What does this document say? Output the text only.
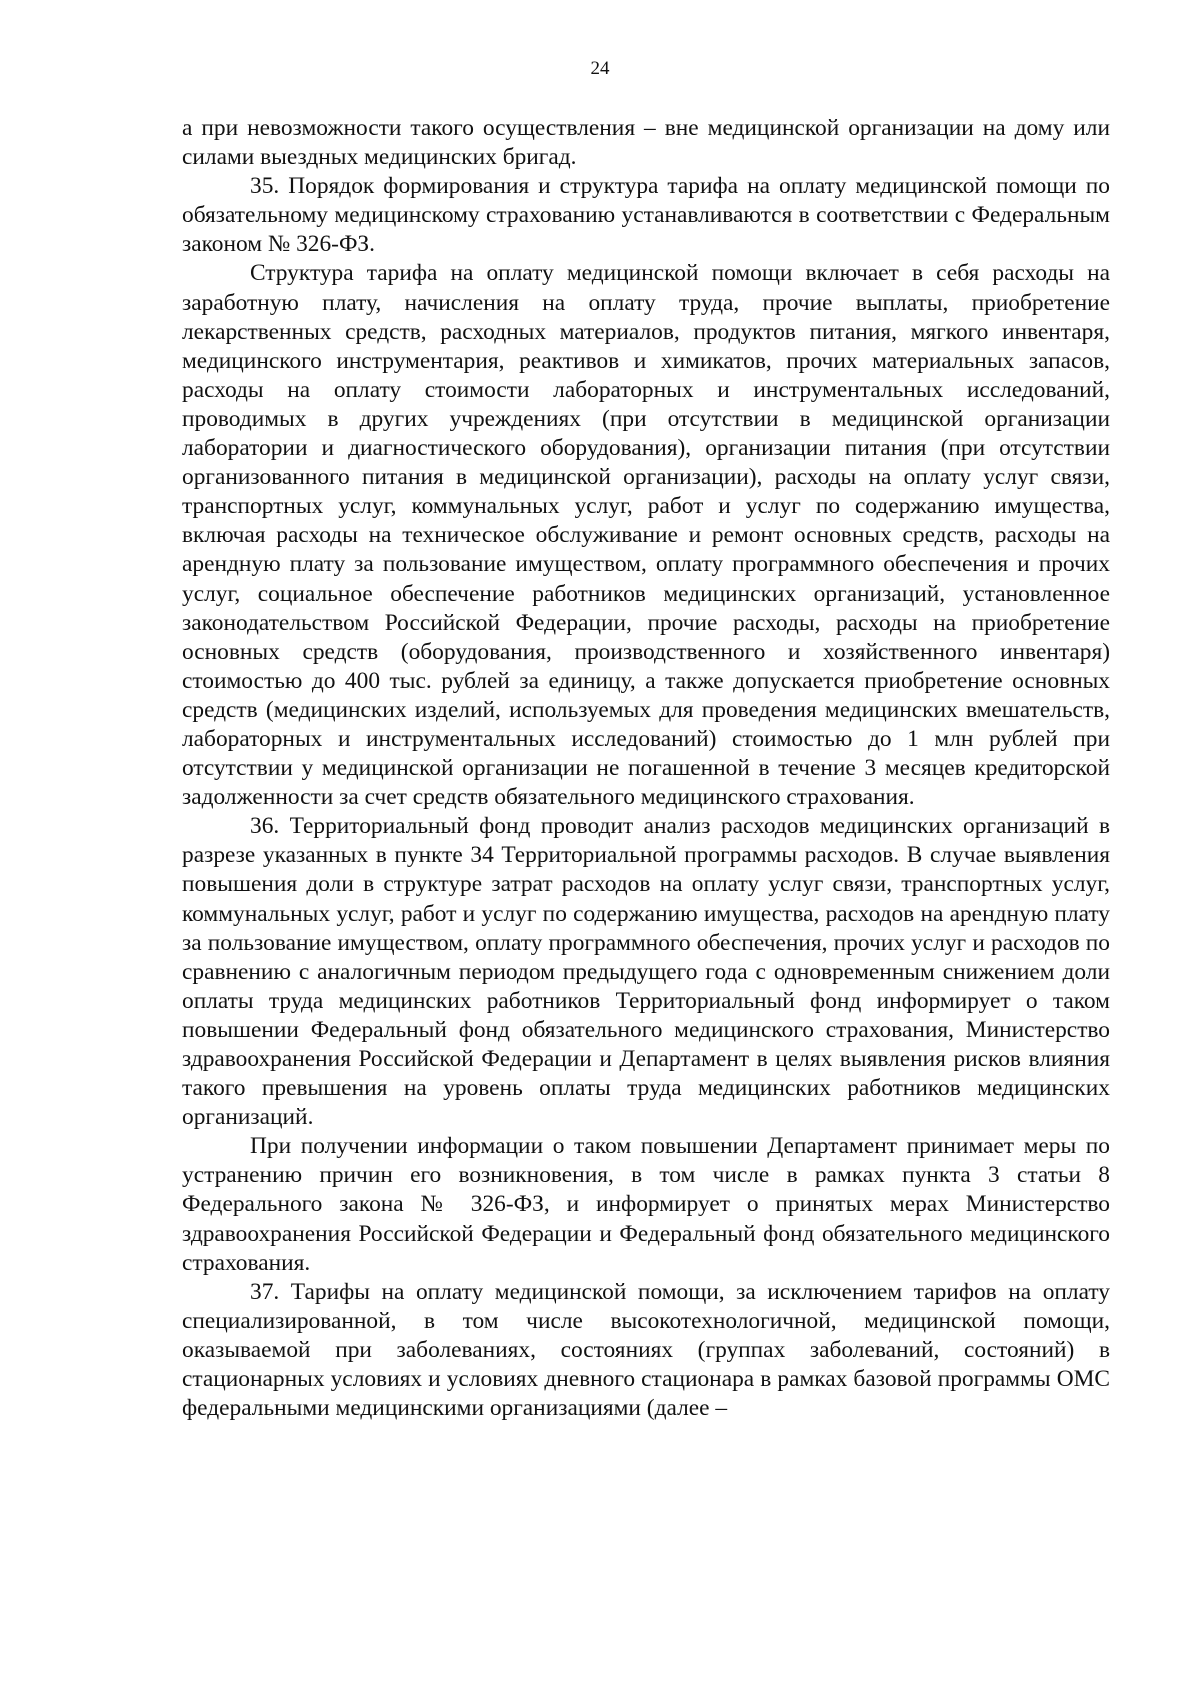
24

а при невозможности такого осуществления – вне медицинской организации на дому или силами выездных медицинских бригад.

35. Порядок формирования и структура тарифа на оплату медицинской помощи по обязательному медицинскому страхованию устанавливаются в соответствии с Федеральным законом № 326-ФЗ.

Структура тарифа на оплату медицинской помощи включает в себя расходы на заработную плату, начисления на оплату труда, прочие выплаты, приобретение лекарственных средств, расходных материалов, продуктов питания, мягкого инвентаря, медицинского инструментария, реактивов и химикатов, прочих материальных запасов, расходы на оплату стоимости лабораторных и инструментальных исследований, проводимых в других учреждениях (при отсутствии в медицинской организации лаборатории и диагностического оборудования), организации питания (при отсутствии организованного питания в медицинской организации), расходы на оплату услуг связи, транспортных услуг, коммунальных услуг, работ и услуг по содержанию имущества, включая расходы на техническое обслуживание и ремонт основных средств, расходы на арендную плату за пользование имуществом, оплату программного обеспечения и прочих услуг, социальное обеспечение работников медицинских организаций, установленное законодательством Российской Федерации, прочие расходы, расходы на приобретение основных средств (оборудования, производственного и хозяйственного инвентаря) стоимостью до 400 тыс. рублей за единицу, а также допускается приобретение основных средств (медицинских изделий, используемых для проведения медицинских вмешательств, лабораторных и инструментальных исследований) стоимостью до 1 млн рублей при отсутствии у медицинской организации не погашенной в течение 3 месяцев кредиторской задолженности за счет средств обязательного медицинского страхования.

36. Территориальный фонд проводит анализ расходов медицинских организаций в разрезе указанных в пункте 34 Территориальной программы расходов. В случае выявления повышения доли в структуре затрат расходов на оплату услуг связи, транспортных услуг, коммунальных услуг, работ и услуг по содержанию имущества, расходов на арендную плату за пользование имуществом, оплату программного обеспечения, прочих услуг и расходов по сравнению с аналогичным периодом предыдущего года с одновременным снижением доли оплаты труда медицинских работников Территориальный фонд информирует о таком повышении Федеральный фонд обязательного медицинского страхования, Министерство здравоохранения Российской Федерации и Департамент в целях выявления рисков влияния такого превышения на уровень оплаты труда медицинских работников медицинских организаций.

При получении информации о таком повышении Департамент принимает меры по устранению причин его возникновения, в том числе в рамках пункта 3 статьи 8 Федерального закона № 326-ФЗ, и информирует о принятых мерах Министерство здравоохранения Российской Федерации и Федеральный фонд обязательного медицинского страхования.

37. Тарифы на оплату медицинской помощи, за исключением тарифов на оплату специализированной, в том числе высокотехнологичной, медицинской помощи, оказываемой при заболеваниях, состояниях (группах заболеваний, состояний) в стационарных условиях и условиях дневного стационара в рамках базовой программы ОМС федеральными медицинскими организациями (далее –
